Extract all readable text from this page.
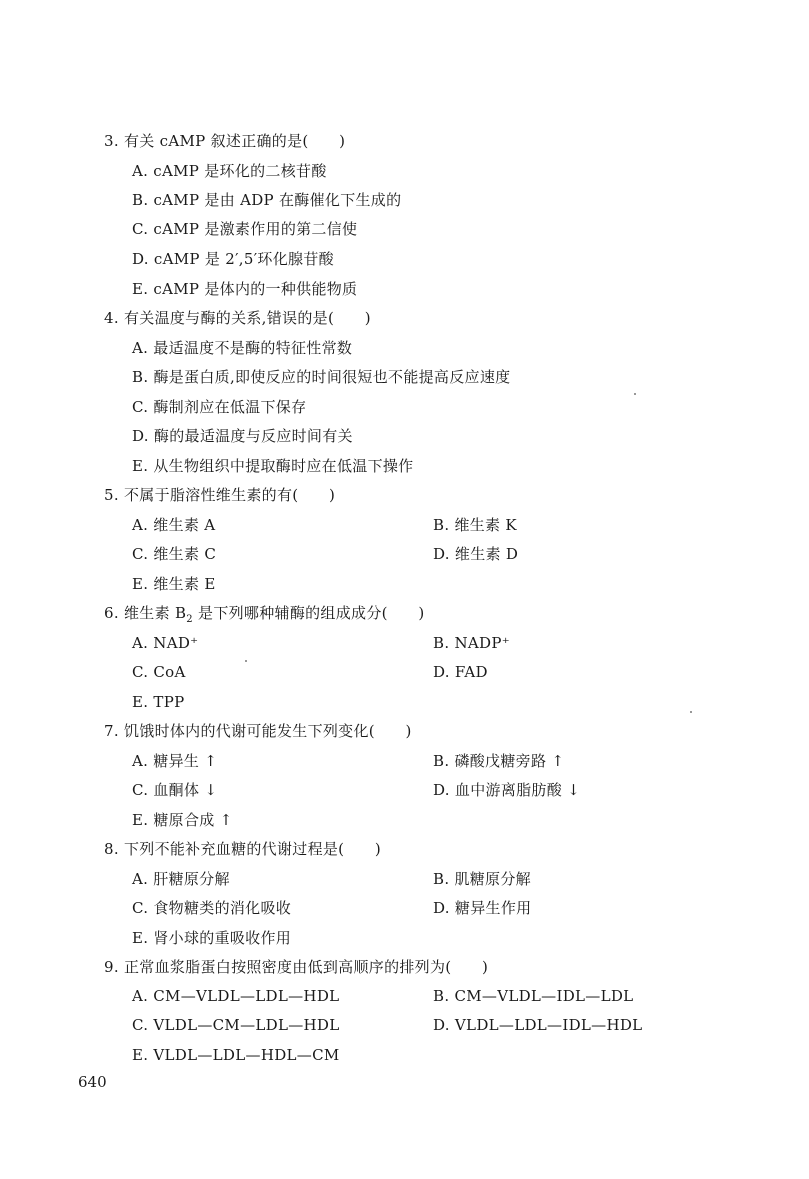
3. 有关 cAMP 叙述正确的是(　　)
A. cAMP 是环化的二核苷酸
B. cAMP 是由 ADP 在酶催化下生成的
C. cAMP 是激素作用的第二信使
D. cAMP 是 2′,5′环化腺苷酸
E. cAMP 是体内的一种供能物质
4. 有关温度与酶的关系,错误的是(　　)
A. 最适温度不是酶的特征性常数
B. 酶是蛋白质,即使反应的时间很短也不能提高反应速度
C. 酶制剂应在低温下保存
D. 酶的最适温度与反应时间有关
E. 从生物组织中提取酶时应在低温下操作
5. 不属于脂溶性维生素的有(　　)
A. 维生素 A	B. 维生素 K
C. 维生素 C	D. 维生素 D
E. 维生素 E
6. 维生素 $B_2$ 是下列哪种辅酶的组成成分(　　)
A. NAD⁺	B. NADP⁺
C. CoA	D. FAD
E. TPP
7. 饥饿时体内的代谢可能发生下列变化(　　)
A. 糖异生 ↑	B. 磷酸戊糖旁路 ↑
C. 血酮体 ↓	D. 血中游离脂肪酸 ↓
E. 糖原合成 ↑
8. 下列不能补充血糖的代谢过程是(　　)
A. 肝糖原分解	B. 肌糖原分解
C. 食物糖类的消化吸收	D. 糖异生作用
E. 肾小球的重吸收作用
9. 正常血浆脂蛋白按照密度由低到高顺序的排列为(　　)
A. CM—VLDL—LDL—HDL	B. CM—VLDL—IDL—LDL
C. VLDL—CM—LDL—HDL	D. VLDL—LDL—IDL—HDL
E. VLDL—LDL—HDL—CM
640
